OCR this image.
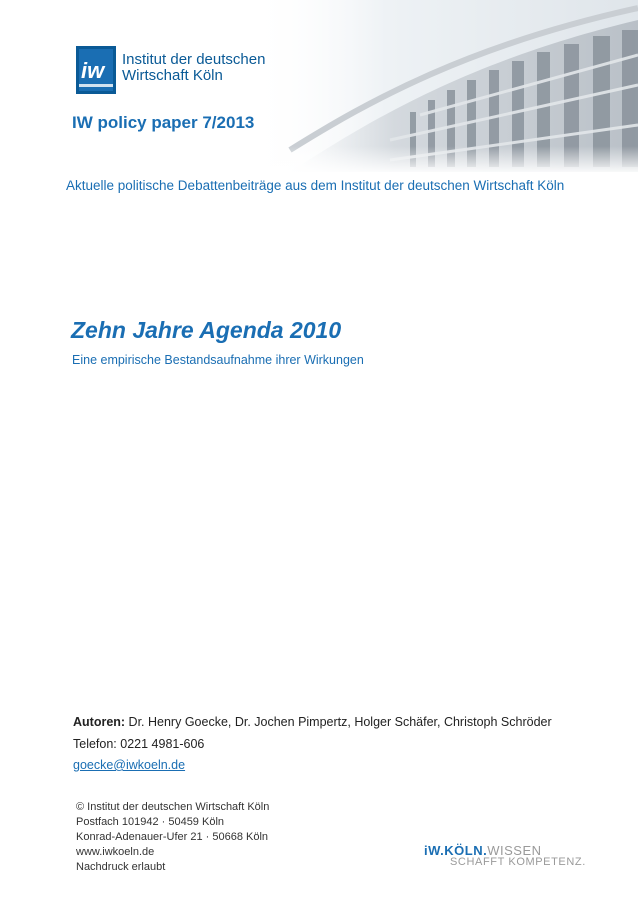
iw Institut der deutschen
Wirtschaft Köln
IW policy paper 7/2013
Aktuelle politische Debattenbeiträge aus dem Institut der deutschen Wirtschaft Köln
Zehn Jahre Agenda 2010
Eine empirische Bestandsaufnahme ihrer Wirkungen
Autoren: Dr. Henry Goecke, Dr. Jochen Pimpertz, Holger Schäfer, Christoph Schröder
Telefon: 0221 4981-606
goecke@iwkoeln.de
© Institut der deutschen Wirtschaft Köln
Postfach 101942 · 50459 Köln
Konrad-Adenauer-Ufer 21 · 50668 Köln
www.iwkoeln.de
Nachdruck erlaubt
iW.KÖLN.WISSEN
SCHAFFT KOMPETENZ.
